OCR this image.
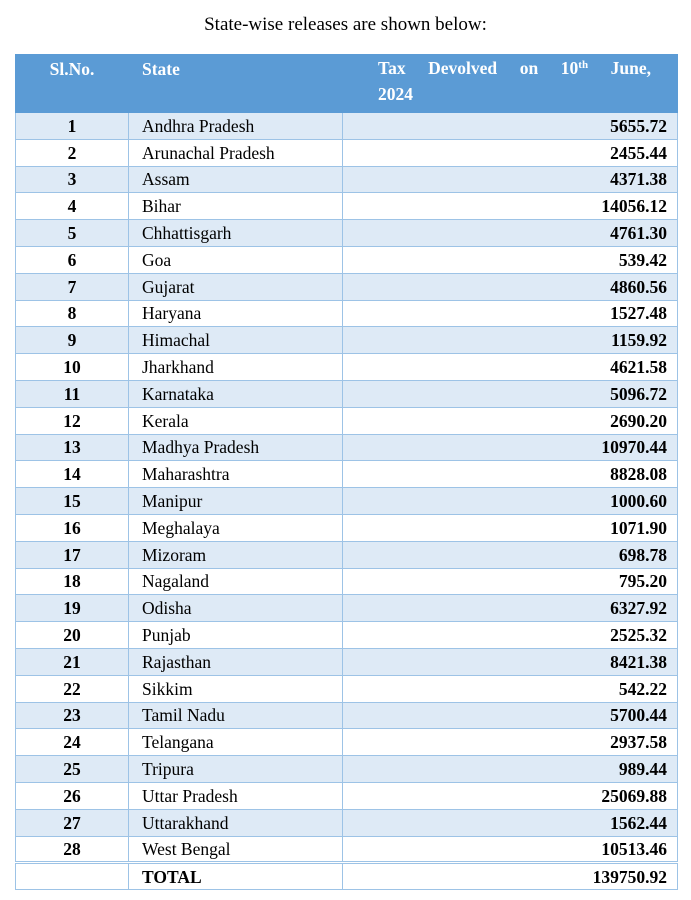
State-wise releases are shown below:
Sl.No.	State	Tax Devolved on 10th June,
2024

1	Andhra Pradesh	5655.72
2	Arunachal Pradesh	2455.44
3	Assam	4371.38
4	Bihar	14056.12
5	Chhattisgarh	4761.30
6	Goa	539.42
7	Gujarat	4860.56
8	Haryana	1527.48
9	Himachal	1159.92
10	Jharkhand	4621.58
11	Karnataka	5096.72
12	Kerala	2690.20
13	Madhya Pradesh	10970.44
14	Maharashtra	8828.08
15	Manipur	1000.60
16	Meghalaya	1071.90
17	Mizoram	698.78
18	Nagaland	795.20
19	Odisha	6327.92
20	Punjab	2525.32
21	Rajasthan	8421.38
22	Sikkim	542.22
23	Tamil Nadu	5700.44
24	Telangana	2937.58
25	Tripura	989.44
26	Uttar Pradesh	25069.88
27	Uttarakhand	1562.44
28	West Bengal	10513.46
	TOTAL	139750.92
